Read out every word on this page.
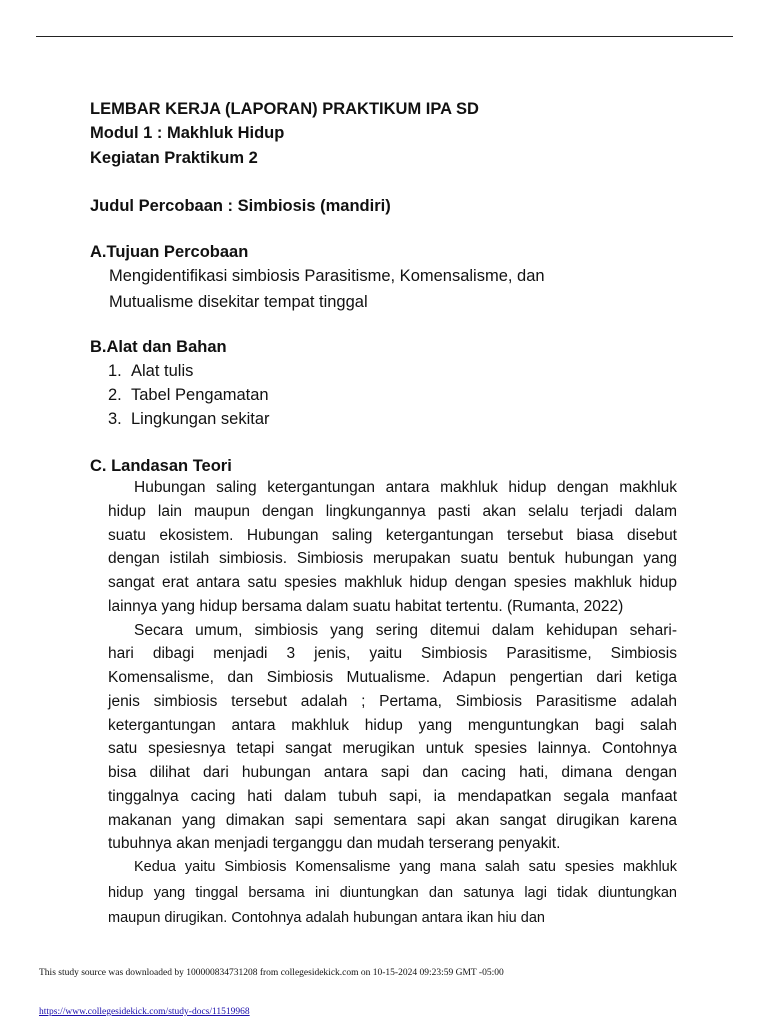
LEMBAR KERJA (LAPORAN) PRAKTIKUM IPA SD
Modul 1 : Makhluk Hidup
Kegiatan Praktikum 2
Judul Percobaan : Simbiosis (mandiri)
A.Tujuan Percobaan
Mengidentifikasi simbiosis Parasitisme, Komensalisme, dan
Mutualisme disekitar tempat tinggal
B.Alat dan Bahan
1. Alat tulis
2. Tabel Pengamatan
3. Lingkungan sekitar
C. Landasan Teori
Hubungan saling ketergantungan antara makhluk hidup dengan makhluk
hidup lain maupun dengan lingkungannya pasti akan selalu terjadi dalam
suatu ekosistem. Hubungan saling ketergantungan tersebut biasa disebut
dengan istilah simbiosis. Simbiosis merupakan suatu bentuk hubungan yang
sangat erat antara satu spesies makhluk hidup dengan spesies makhluk hidup
lainnya yang hidup bersama dalam suatu habitat tertentu. (Rumanta, 2022)
Secara umum, simbiosis yang sering ditemui dalam kehidupan sehari-
hari dibagi menjadi 3 jenis, yaitu Simbiosis Parasitisme, Simbiosis
Komensalisme, dan Simbiosis Mutualisme. Adapun pengertian dari ketiga
jenis simbiosis tersebut adalah ; Pertama, Simbiosis Parasitisme adalah
ketergantungan antara makhluk hidup yang menguntungkan bagi salah
satu spesiesnya tetapi sangat merugikan untuk spesies lainnya. Contohnya
bisa dilihat dari hubungan antara sapi dan cacing hati, dimana dengan
tinggalnya cacing hati dalam tubuh sapi, ia mendapatkan segala manfaat
makanan yang dimakan sapi sementara sapi akan sangat dirugikan karena
tubuhnya akan menjadi terganggu dan mudah terserang penyakit.
Kedua yaitu Simbiosis Komensalisme yang mana salah satu spesies makhluk
hidup yang tinggal bersama ini diuntungkan dan satunya lagi tidak diuntungkan
maupun dirugikan. Contohnya adalah hubungan antara ikan hiu dan
This study source was downloaded by 100000834731208 from collegesidekick.com on 10-15-2024 09:23:59 GMT -05:00
https://www.collegesidekick.com/study-docs/11519968
